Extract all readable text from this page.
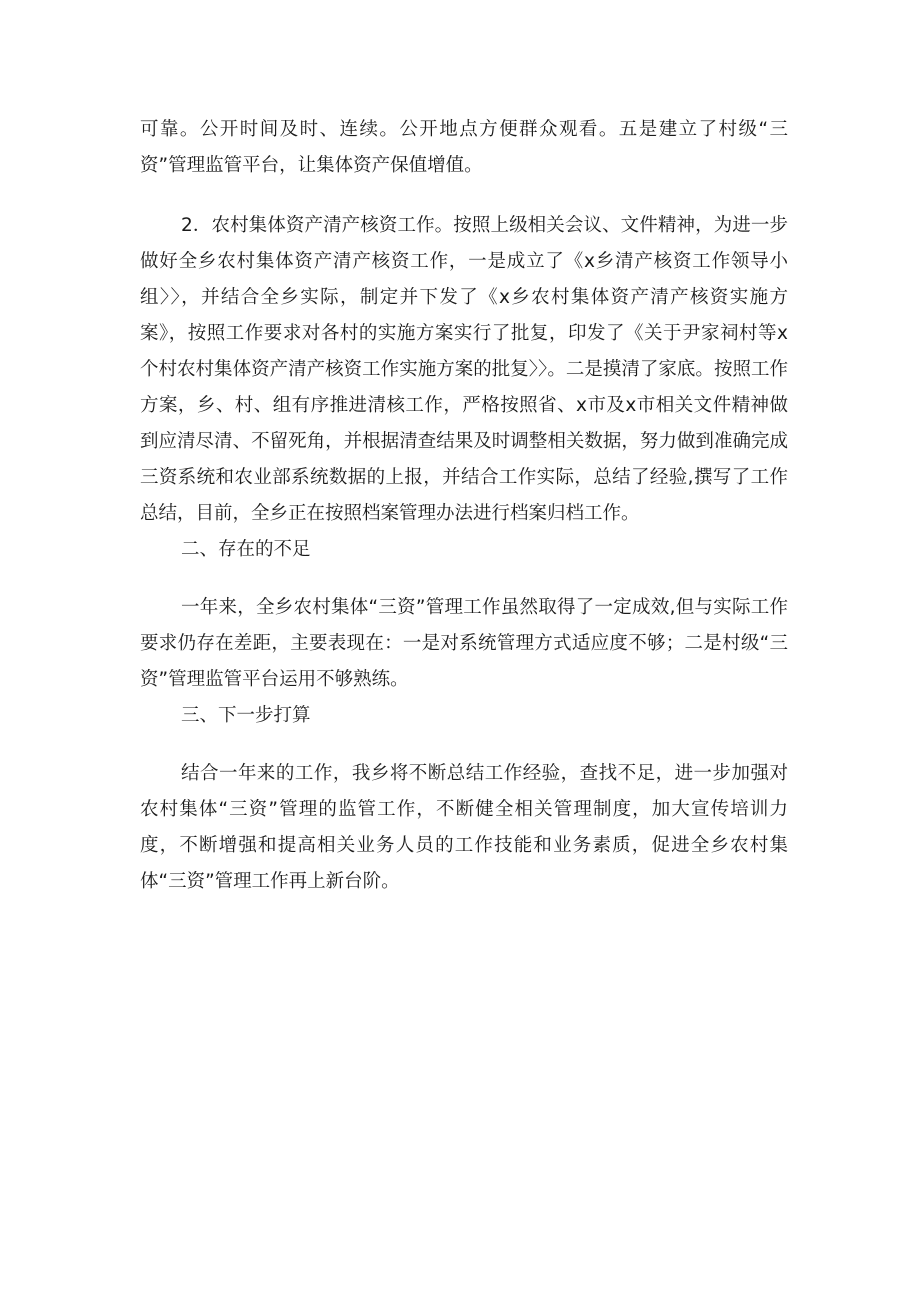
可靠。公开时间及时、连续。公开地点方便群众观看。五是建立了村级“三资”管理监管平台，让集体资产保值增值。

2．农村集体资产清产核资工作。按照上级相关会议、文件精神，为进一步做好全乡农村集体资产清产核资工作，一是成立了《x乡清产核资工作领导小组〉〉，并结合全乡实际，制定并下发了《x乡农村集体资产清产核资实施方案》，按照工作要求对各村的实施方案实行了批复，印发了《关于尹家祠村等x个村农村集体资产清产核资工作实施方案的批复〉〉。二是摸清了家底。按照工作方案，乡、村、组有序推进清核工作，严格按照省、x市及x市相关文件精神做到应清尽清、不留死角，并根据清查结果及时调整相关数据，努力做到准确完成三资系统和农业部系统数据的上报，并结合工作实际，总结了经验,撰写了工作总结，目前，全乡正在按照档案管理办法进行档案归档工作。

二、存在的不足

一年来，全乡农村集体“三资”管理工作虽然取得了一定成效,但与实际工作要求仍存在差距，主要表现在：一是对系统管理方式适应度不够；二是村级“三资”管理监管平台运用不够熟练。

三、下一步打算

结合一年来的工作，我乡将不断总结工作经验，查找不足，进一步加强对农村集体“三资”管理的监管工作，不断健全相关管理制度，加大宣传培训力度，不断增强和提高相关业务人员的工作技能和业务素质，促进全乡农村集体“三资”管理工作再上新台阶。
